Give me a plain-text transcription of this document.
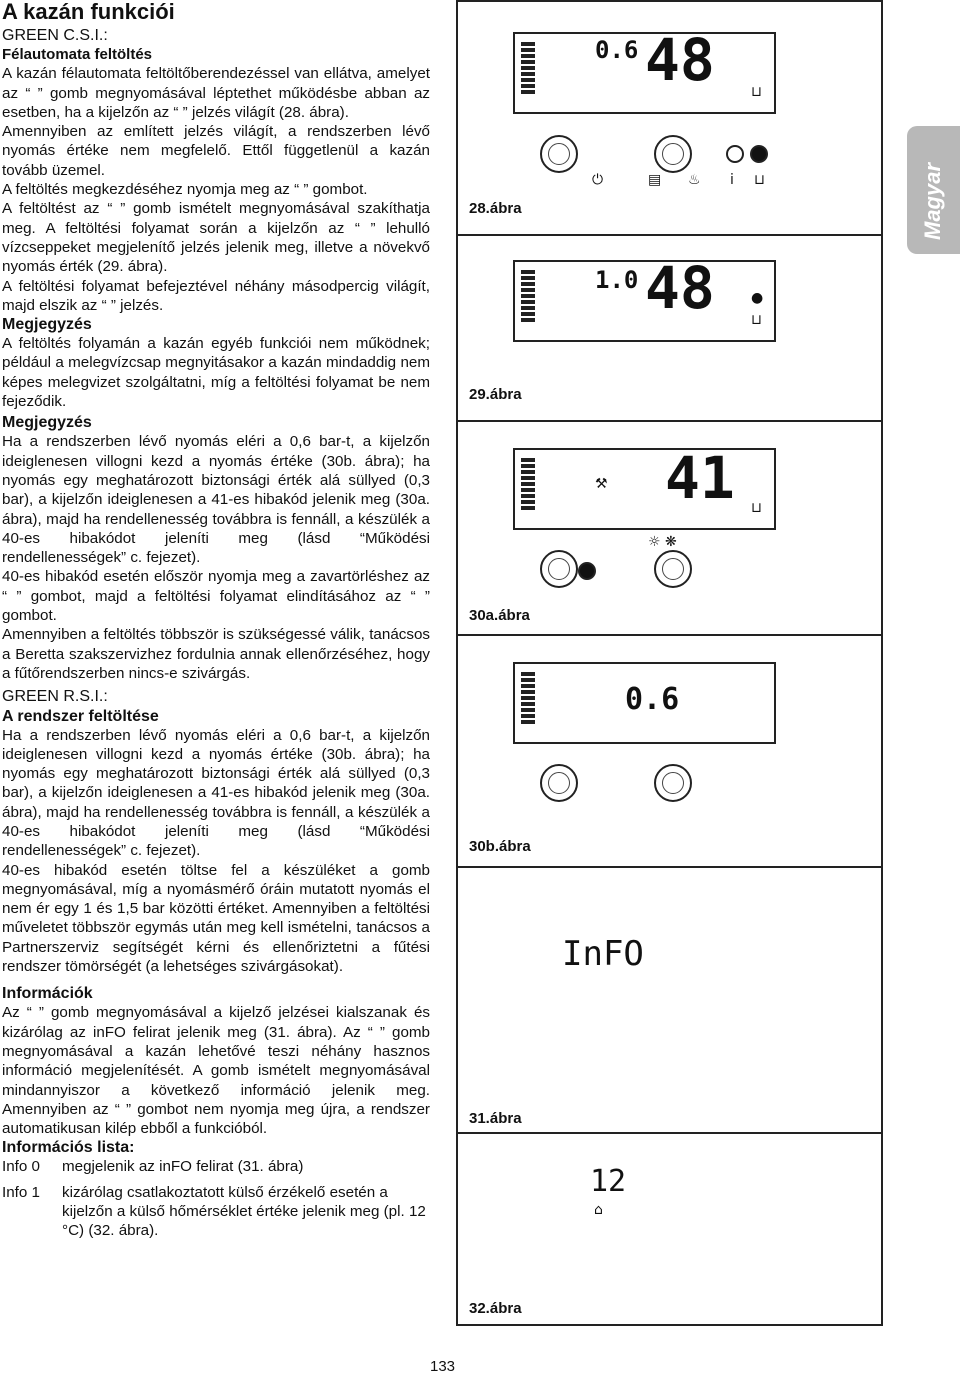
A kazán funkciói

GREEN C.S.I.:

Félautomata feltöltés

A kazán félautomata feltöltőberendezéssel van ellátva, amelyet az “ ” gomb megnyomásával léptethet működésbe abban az esetben, ha a kijelzőn az “ ” jelzés világít (28. ábra).

Amennyiben az említett jelzés világít, a rendszerben lévő nyomás értéke nem megfelelő. Ettől függetlenül a kazán tovább üzemel.

A feltöltés megkezdéséhez nyomja meg az “ ” gombot.

A feltöltést az “ ” gomb ismételt megnyomásával szakíthatja meg. A feltöltési folyamat során a kijelzőn az “ ” lehulló vízcseppeket megjelenítő jelzés jelenik meg, illetve a növekvő nyomás érték (29. ábra).

A feltöltési folyamat befejeztével néhány másodpercig világít, majd elszik az “ ” jelzés.

Megjegyzés

A feltöltés folyamán a kazán egyéb funkciói nem működnek; például a melegvízcsap megnyitásakor a kazán mindaddig nem képes melegvizet szolgáltatni, míg a feltöltési folyamat be nem fejeződik.

Megjegyzés

Ha a rendszerben lévő nyomás eléri a 0,6 bar-t, a kijelzőn ideiglenesen villogni kezd a nyomás értéke (30b. ábra); ha nyomás egy meghatározott biztonsági érték alá süllyed (0,3 bar), a kijelzőn ideiglenesen a 41-es hibakód jelenik meg (30a. ábra), majd ha rendellenesség továbbra is fennáll, a készülék a 40-es hibakódot jeleníti meg (lásd “Működési rendellenességek” c. fejezet).

40-es hibakód esetén először nyomja meg a zavartörléshez az “ ” gombot, majd a feltöltési folyamat elindításához az “ ” gombot.

Amennyiben a feltöltés többször is szükségessé válik, tanácsos a Beretta szakszervizhez fordulnia annak ellenőrzéséhez, hogy a fűtőrendszerben nincs-e szivárgás.

GREEN R.S.I.:

A rendszer feltöltése

Ha a rendszerben lévő nyomás eléri a 0,6 bar-t, a kijelzőn ideiglenesen villogni kezd a nyomás értéke (30b. ábra); ha nyomás egy meghatározott biztonsági érték alá süllyed (0,3 bar), a kijelzőn ideiglenesen a 41-es hibakód jelenik meg (30a. ábra), majd ha rendellenesség továbbra is fennáll, a készülék a 40-es hibakódot jeleníti meg (lásd “Működési rendellenességek” c. fejezet).

40-es hibakód esetén töltse fel a készüléket a gomb megnyomásával, míg a nyomásmérő óráin mutatott nyomás el nem ér egy 1 és 1,5 bar közötti értéket. Amennyiben a feltöltési műveletet többször egymás után meg kell ismételni, tanácsos a Partnerszerviz segítségét kérni és ellenőriztetni a fűtési rendszer tömörségét (a lehetséges szivárgásokat).

Információk

Az “ ” gomb megnyomásával a kijelző jelzései kialszanak és kizárólag az inFO felirat jelenik meg (31. ábra). Az “ ” gomb megnyomásával a kazán lehetővé teszi néhány hasznos információ megjelenítését. A gomb ismételt megnyomásával mindannyiszor a következő információ jelenik meg. Amennyiben az “ ” gombot nem nyomja meg újra, a rendszer automatikusan kilép ebből a funkcióból.

Információs lista:

Info 0	megjelenik az inFO felirat (31. ábra)
Info 1	kizárólag csatlakoztatott külső érzékelő esetén a kijelzőn a külső hőmérséklet értéke jelenik meg (pl. 12 °C) (32. ábra).
0.6 48	⊔
⏻	▤ ♨ i ⊔
28.ábra
1.0 48	●
⊔
29.ábra
⚒ 41 ⊔
☼ ❋
30a.ábra
0.6
30b.ábra
InFO
31.ábra
12
⌂
32.ábra
Magyar
133
